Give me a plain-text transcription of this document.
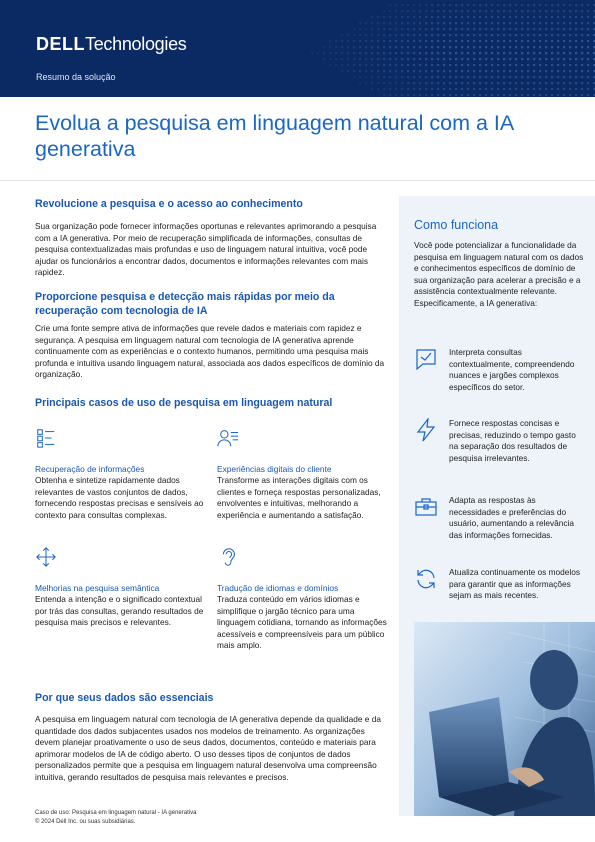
DELLTechnologies
Resumo da solução
Evolua a pesquisa em linguagem natural com a IA generativa
Revolucione a pesquisa e o acesso ao conhecimento

Sua organização pode fornecer informações oportunas e relevantes aprimorando a pesquisa com a IA generativa. Por meio de recuperação simplificada de informações, consultas de pesquisa contextualizadas mais profundas e uso de linguagem natural intuitiva, você pode ajudar os funcionários a encontrar dados, documentos e informações relevantes com mais rapidez.

Proporcione pesquisa e detecção mais rápidas por meio da recuperação com tecnologia de IA

Crie uma fonte sempre ativa de informações que revele dados e materiais com rapidez e segurança. A pesquisa em linguagem natural com tecnologia de IA generativa aprende continuamente com as experiências e o contexto humanos, permitindo uma pesquisa mais profunda e intuitiva usando linguagem natural, associada aos dados específicos de domínio da organização.

Principais casos de uso de pesquisa em linguagem natural
Recuperação de informações
Obtenha e sintetize rapidamente dados relevantes de vastos conjuntos de dados, fornecendo respostas precisas e sensíveis ao contexto para consultas complexas.
Experiências digitais do cliente
Transforme as interações digitais com os clientes e forneça respostas personalizadas, envolventes e intuitivas, melhorando a experiência e aumentando a satisfação.
Melhorias na pesquisa semântica
Entenda a intenção e o significado contextual por trás das consultas, gerando resultados de pesquisa mais precisos e relevantes.
Tradução de idiomas e domínios
Traduza conteúdo em vários idiomas e simplifique o jargão técnico para uma linguagem cotidiana, tornando as informações acessíveis e compreensíveis para um público mais amplo.
Por que seus dados são essenciais

A pesquisa em linguagem natural com tecnologia de IA generativa depende da qualidade e da quantidade dos dados subjacentes usados nos modelos de treinamento. As organizações devem planejar proativamente o uso de seus dados, documentos, conteúdo e materiais para aprimorar modelos de IA de código aberto. O uso desses tipos de conjuntos de dados personalizados permite que a pesquisa em linguagem natural desenvolva uma compreensão intuitiva, gerando resultados de pesquisa mais relevantes e precisos.

Caso de uso: Pesquisa em linguagem natural - IA generativa
© 2024 Dell Inc. ou suas subsidiárias.
Como funciona
Você pode potencializar a funcionalidade da pesquisa em linguagem natural com os dados e conhecimentos específicos de domínio de sua organização para acelerar a precisão e a assistência contextualmente relevante. Especificamente, a IA generativa:
Interpreta consultas contextualmente, compreendendo nuances e jargões complexos específicos do setor.
Fornece respostas concisas e precisas, reduzindo o tempo gasto na separação dos resultados de pesquisa irrelevantes.
Adapta as respostas às necessidades e preferências do usuário, aumentando a relevância das informações fornecidas.
Atualiza continuamente os modelos para garantir que as informações sejam as mais recentes.
